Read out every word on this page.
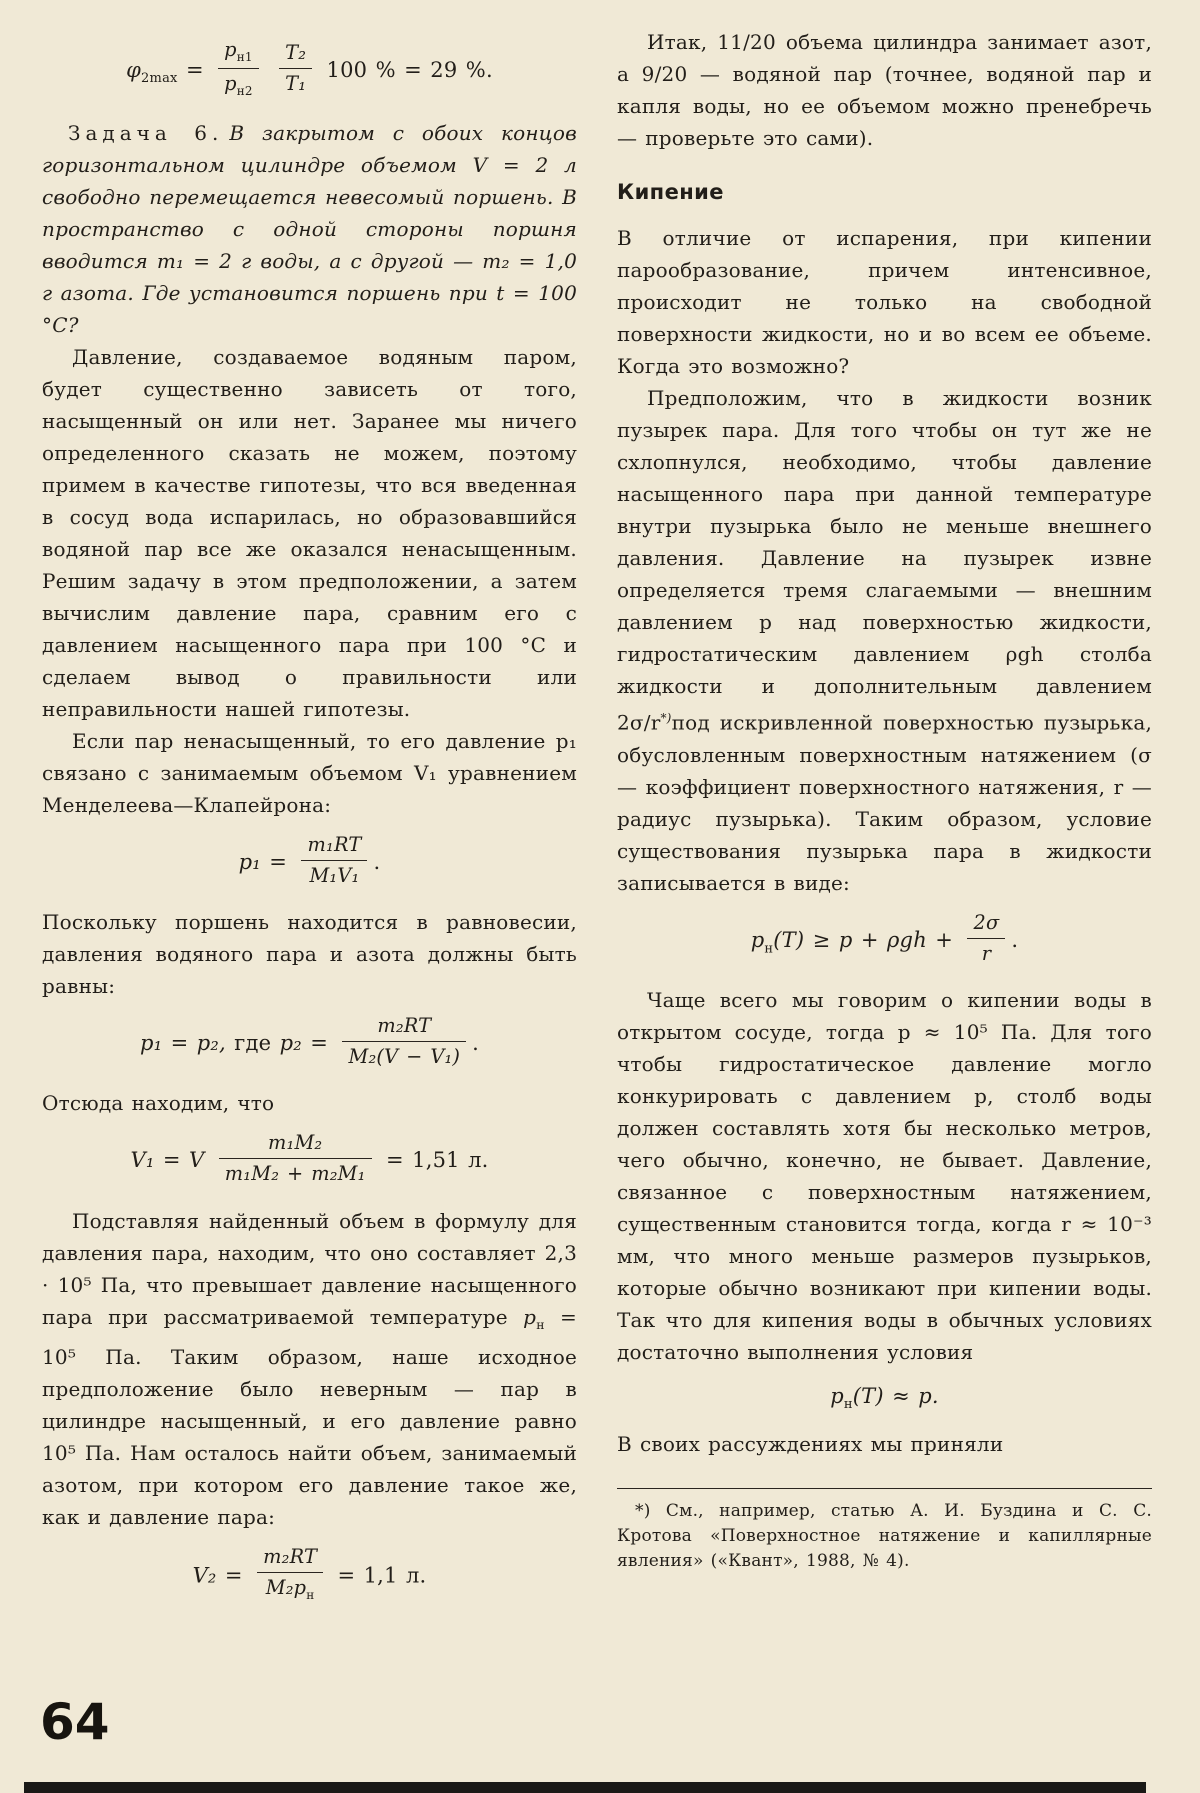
$\varphi_{2max} = \frac{p_{н1}}{p_{н2}}$
$\frac{\text{T₂}}{\text{T₁}} 100$ % = 29 %.

Задача 6. В закрытом с обоих концов горизонтальном цилиндре объемом V = 2 л свободно перемещается невесомый поршень. В пространство с одной стороны поршня вводится m₁ = 2 г воды, а с другой — m₂ = 1,0 г азота. Где установится поршень при t = 100 °C?

Давление, создаваемое водяным паром, будет существенно зависеть от того, насыщенный он или нет. Заранее мы ничего определенного сказать не можем, поэтому примем в качестве гипотезы, что вся введенная в сосуд вода испарилась, но образовавшийся водяной пар все же оказался ненасыщенным. Решим задачу в этом предположении, а затем вычислим давление пара, сравним его с давлением насыщенного пара при 100 °C и сделаем вывод о правильности или неправильности нашей гипотезы.

Если пар ненасыщенный, то его давление p₁ связано с занимаемым объемом V₁ уравнением Менделеева—Клапейрона:

$p_1 = \frac{\text{m₁RT}}{\text{M₁V₁}}$ .

Поскольку поршень находится в равновесии, давления водяного пара и азота должны быть равны:

p₁ = p₂, где $p_2 = \frac{\text{m₂RT}}{\text{M₂(V − V₁)}}$ .

Отсюда находим, что

V₁ = V $\frac{\text{m₁M₂}}{\text{m₁M₂ + m₂M₁}} = 1,51$ л.

Подставляя найденный объем в формулу для давления пара, находим, что оно составляет 2,3 · 10⁵ Па, что превышает давление насыщенного пара при рассматриваемой температуре $p_н = 10^5$ Па. Таким образом, наше исходное предположение было неверным — пар в цилиндре насыщенный, и его давление равно 10⁵ Па. Нам осталось найти объем, занимаемый азотом, при котором его давление такое же, как и давление пара:

$V_2 = \frac{\text{m₂RT}}{M_2p_н} = 1,1$ л.

Итак, 11/20 объема цилиндра занимает азот, а 9/20 — водяной пар (точнее, водяной пар и капля воды, но ее объемом можно пренебречь — проверьте это сами).

Кипение

В отличие от испарения, при кипении парообразование, причем интенсивное, происходит не только на свободной поверхности жидкости, но и во всем ее объеме. Когда это возможно?

Предположим, что в жидкости возник пузырек пара. Для того чтобы он тут же не схлопнулся, необходимо, чтобы давление насыщенного пара при данной температуре внутри пузырька было не меньше внешнего давления. Давление на пузырек извне определяется тремя слагаемыми — внешним давлением p над поверхностью жидкости, гидростатическим давлением ρgh столба жидкости и дополнительным давлением 2σ/r*)под искривленной поверхностью пузырька, обусловленным поверхностным натяжением (σ — коэффициент поверхностного натяжения, r — радиус пузырька). Таким образом, условие существования пузырька пара в жидкости записывается в виде:

$p_н(T) \ge p + \rho gh + \frac{2\sigma}{r}$ .

Чаще всего мы говорим о кипении воды в открытом сосуде, тогда p ≈ 10⁵ Па. Для того чтобы гидростатическое давление могло конкурировать с давлением p, столб воды должен составлять хотя бы несколько метров, чего обычно, конечно, не бывает. Давление, связанное с поверхностным натяжением, существенным становится тогда, когда r ≈ 10⁻³ мм, что много меньше размеров пузырьков, которые обычно возникают при кипении воды. Так что для кипения воды в обычных условиях достаточно выполнения условия

$p_н(T) \approx p$.

В своих рассуждениях мы приняли

*) См., например, статью А. И. Буздина и С. С. Кротова «Поверхностное натяжение и капиллярные явления» («Квант», 1988, № 4).

64
